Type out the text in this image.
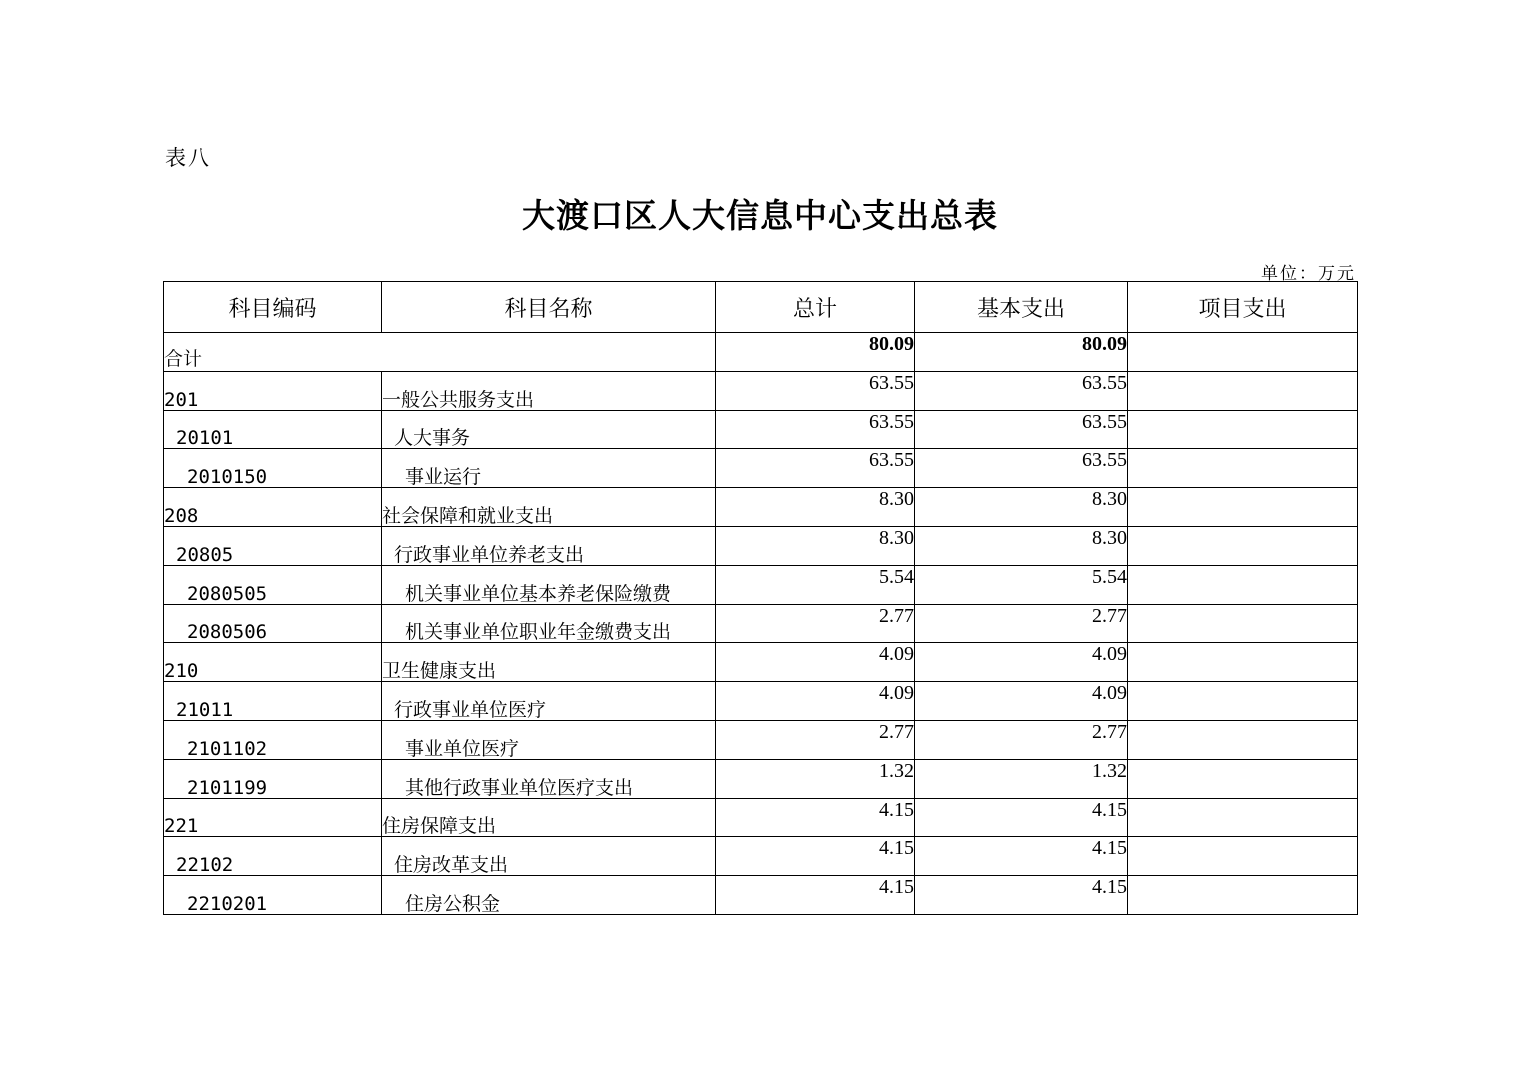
表八
大渡口区人大信息中心支出总表
单位：万元
科目编码	科目名称	总计	基本支出	项目支出
合计		80.09	80.09	
201	一般公共服务支出	63.55	63.55	
20101	人大事务	63.55	63.55	
2010150	事业运行	63.55	63.55	
208	社会保障和就业支出	8.30	8.30	
20805	行政事业单位养老支出	8.30	8.30	
2080505	机关事业单位基本养老保险缴费	5.54	5.54	
2080506	机关事业单位职业年金缴费支出	2.77	2.77	
210	卫生健康支出	4.09	4.09	
21011	行政事业单位医疗	4.09	4.09	
2101102	事业单位医疗	2.77	2.77	
2101199	其他行政事业单位医疗支出	1.32	1.32	
221	住房保障支出	4.15	4.15	
22102	住房改革支出	4.15	4.15	
2210201	住房公积金	4.15	4.15	
